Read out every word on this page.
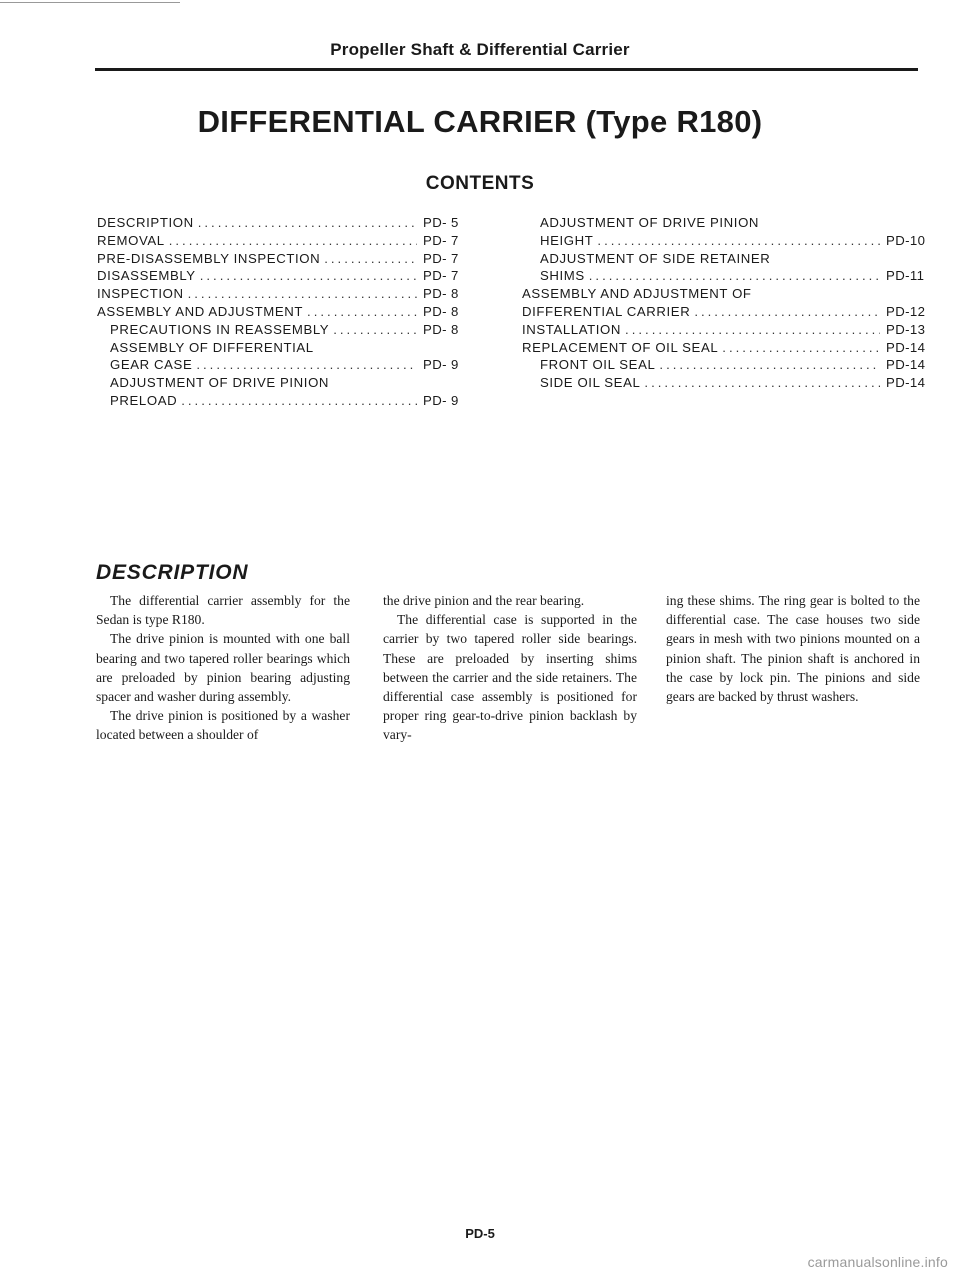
Propeller Shaft & Differential Carrier
DIFFERENTIAL CARRIER (Type R180)
CONTENTS
DESCRIPTION .....	PD- 5
REMOVAL .....	PD- 7
PRE-DISASSEMBLY INSPECTION .....	PD- 7
DISASSEMBLY .....	PD- 7
INSPECTION .....	PD- 8
ASSEMBLY AND ADJUSTMENT .....	PD- 8
PRECAUTIONS IN REASSEMBLY .....	PD- 8
ASSEMBLY OF DIFFERENTIAL
GEAR CASE .....	PD- 9
ADJUSTMENT OF DRIVE PINION
PRELOAD .....	PD- 9
ADJUSTMENT OF DRIVE PINION
HEIGHT .....	PD-10
ADJUSTMENT OF SIDE RETAINER
SHIMS .....	PD-11
ASSEMBLY AND ADJUSTMENT OF
DIFFERENTIAL CARRIER .....	PD-12
INSTALLATION .....	PD-13
REPLACEMENT OF OIL SEAL .....	PD-14
FRONT OIL SEAL .....	PD-14
SIDE OIL SEAL .....	PD-14
DESCRIPTION

The differential carrier assembly for the Sedan is type R180.

The drive pinion is mounted with one ball bearing and two tapered roller bearings which are preloaded by pinion bearing adjusting spacer and washer during assembly.

The drive pinion is positioned by a washer located between a shoulder of

the drive pinion and the rear bearing.

The differential case is supported in the carrier by two tapered roller side bearings. These are preloaded by inserting shims between the carrier and the side retainers. The differential case assembly is positioned for proper ring gear-to-drive pinion backlash by vary-

ing these shims. The ring gear is bolted to the differential case. The case houses two side gears in mesh with two pinions mounted on a pinion shaft. The pinion shaft is anchored in the case by lock pin. The pinions and side gears are backed by thrust washers.

PD-5
carmanualsonline.info
